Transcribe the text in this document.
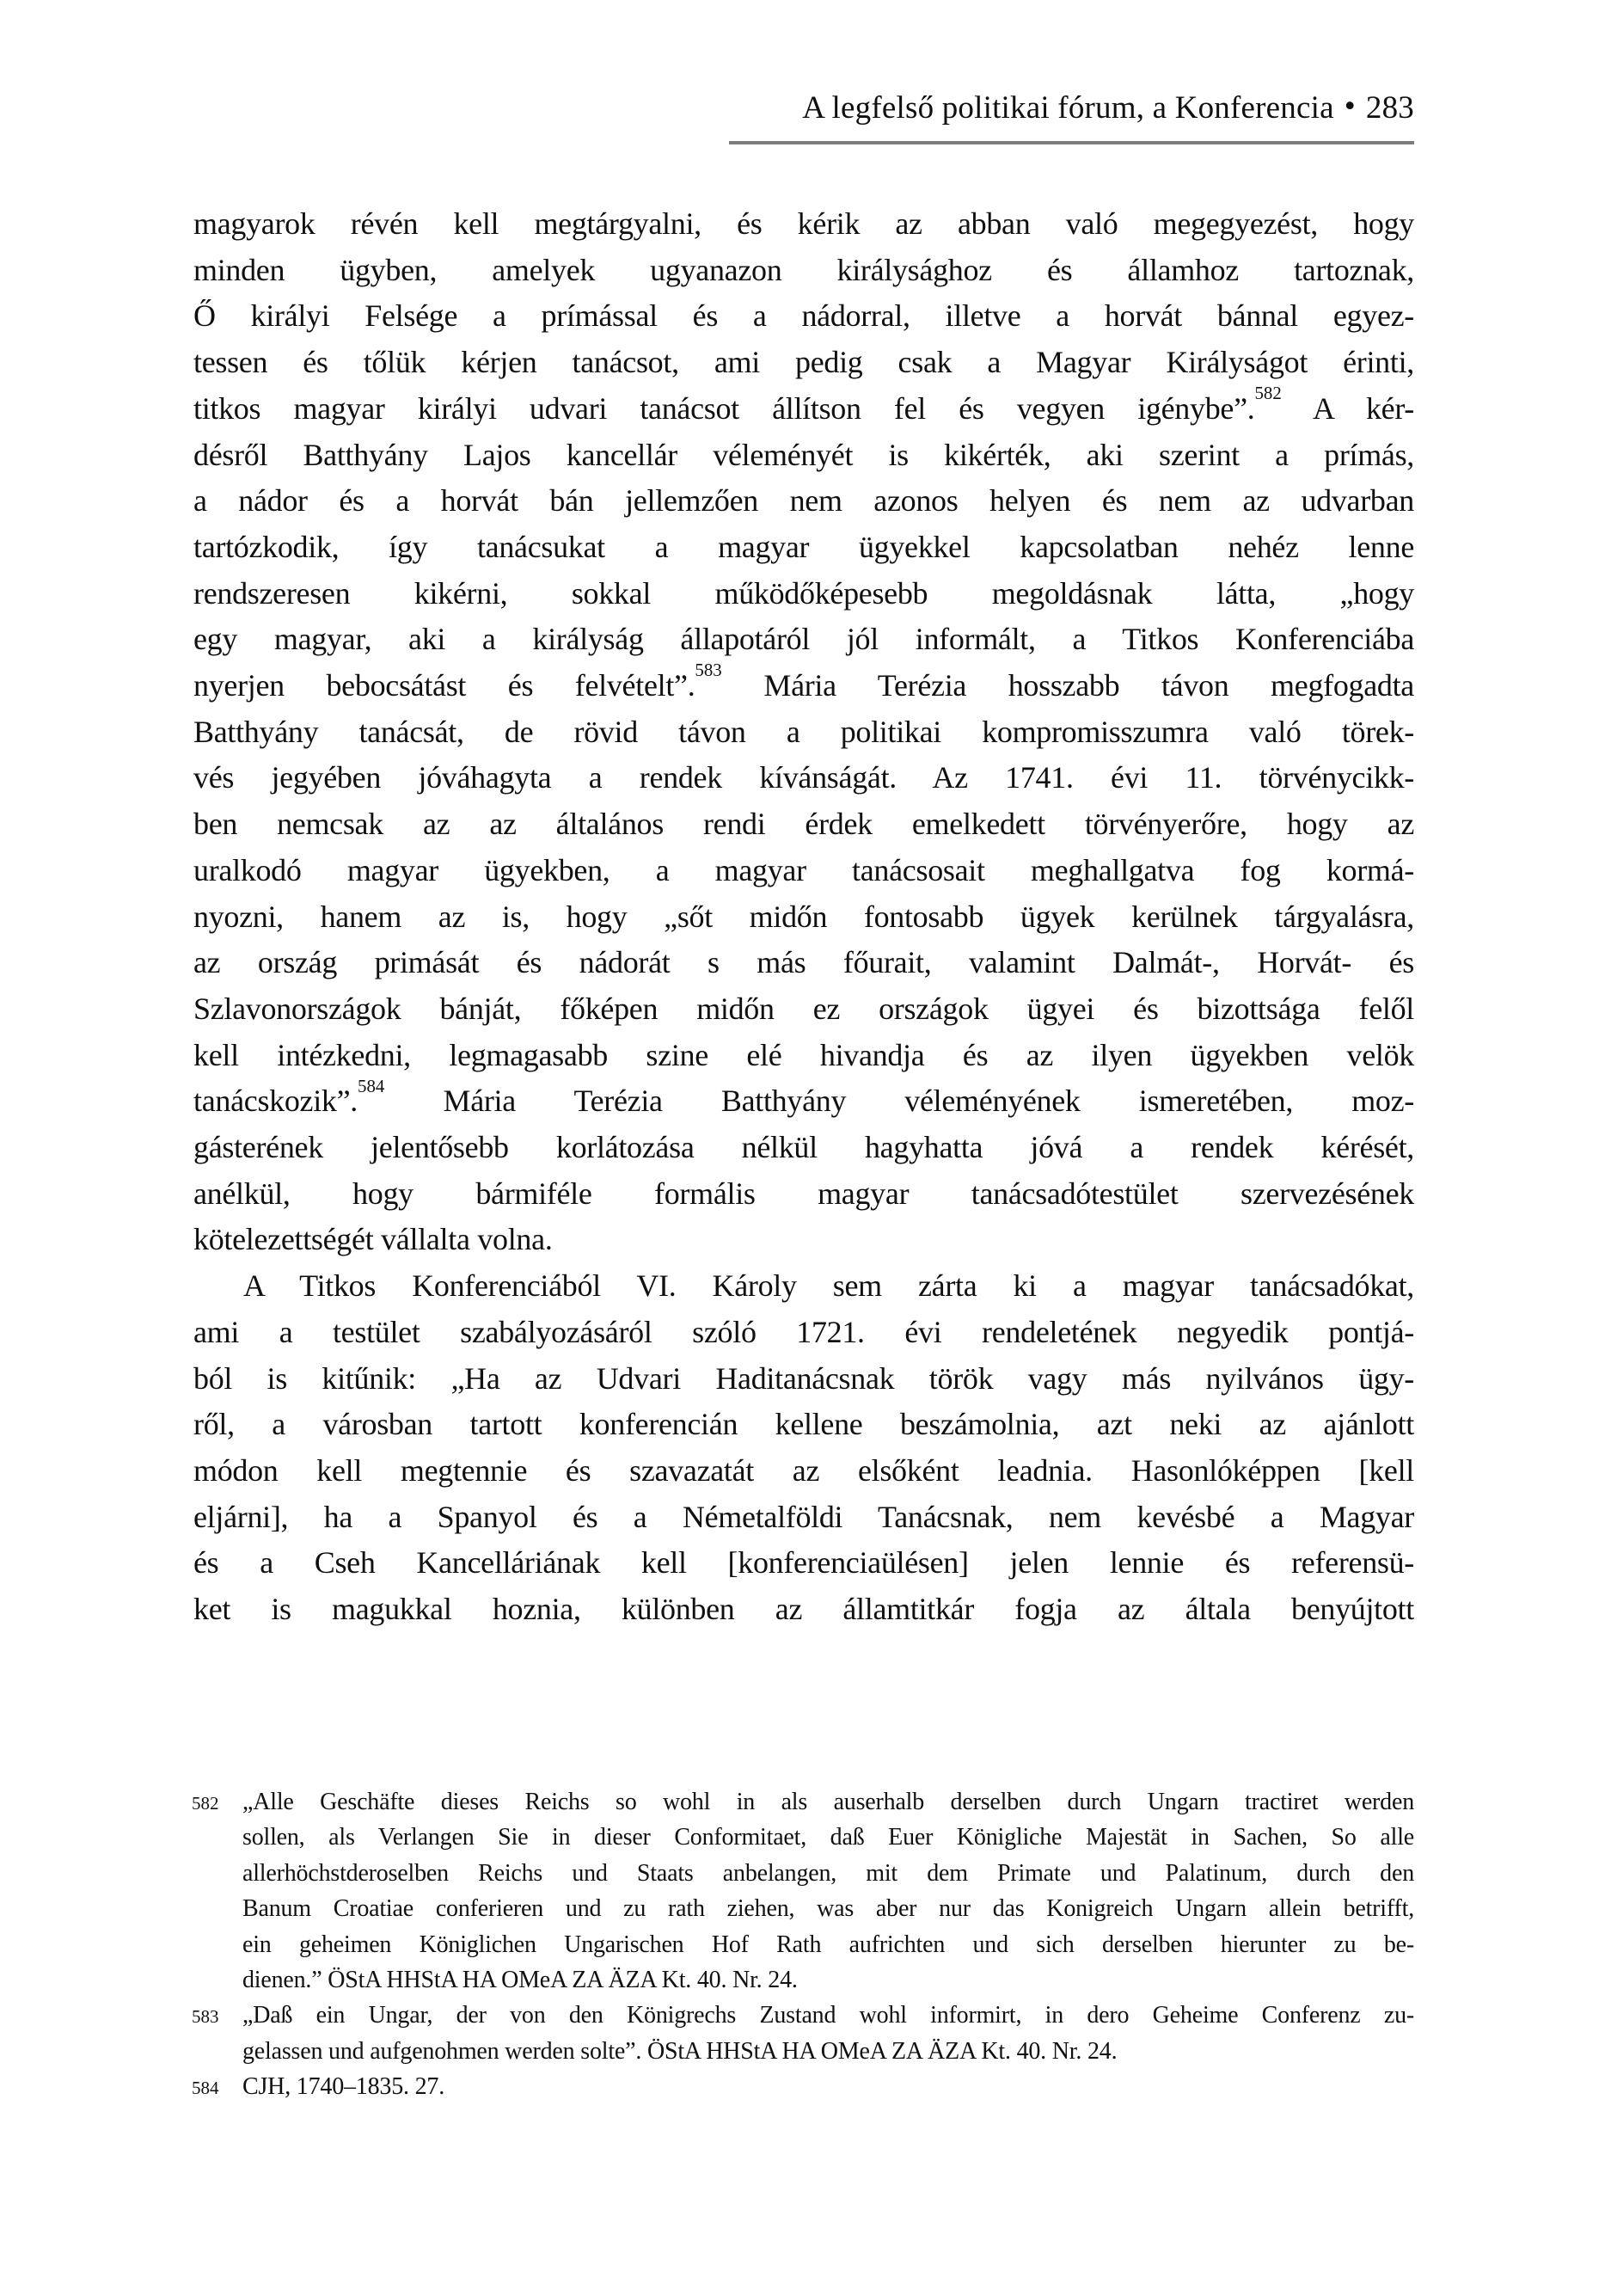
A legfelső politikai fórum, a Konferencia • 283
magyarok révén kell megtárgyalni, és kérik az abban való megegyezést, hogy
minden ügyben, amelyek ugyanazon királysághoz és államhoz tartoznak,
Ő királyi Felsége a prímással és a nádorral, illetve a horvát bánnal egyez-
tessen és tőlük kérjen tanácsot, ami pedig csak a Magyar Királyságot érinti,
titkos magyar királyi udvari tanácsot állítson fel és vegyen igénybe”.$^{582}$ A kér-
désről Batthyány Lajos kancellár véleményét is kikérték, aki szerint a prímás,
a nádor és a horvát bán jellemzően nem azonos helyen és nem az udvarban
tartózkodik, így tanácsukat a magyar ügyekkel kapcsolatban nehéz lenne
rendszeresen kikérni, sokkal működőképesebb megoldásnak látta, „hogy
egy magyar, aki a királyság állapotáról jól informált, a Titkos Konferenciába
nyerjen bebocsátást és felvételt”.$^{583}$ Mária Terézia hosszabb távon megfogadta
Batthyány tanácsát, de rövid távon a politikai kompromisszumra való törek-
vés jegyében jóváhagyta a rendek kívánságát. Az 1741. évi 11. törvénycikk-
ben nemcsak az az általános rendi érdek emelkedett törvényerőre, hogy az
uralkodó magyar ügyekben, a magyar tanácsosait meghallgatva fog kormá-
nyozni, hanem az is, hogy „sőt midőn fontosabb ügyek kerülnek tárgyalásra,
az ország primását és nádorát s más főurait, valamint Dalmát-, Horvát- és
Szlavonországok bánját, főképen midőn ez országok ügyei és bizottsága felől
kell intézkedni, legmagasabb szine elé hivandja és az ilyen ügyekben velök
tanácskozik”.$^{584}$ Mária Terézia Batthyány véleményének ismeretében, moz-
gásterének jelentősebb korlátozása nélkül hagyhatta jóvá a rendek kérését,
anélkül, hogy bármiféle formális magyar tanácsadótestület szervezésének
kötelezettségét vállalta volna.
A Titkos Konferenciából VI. Károly sem zárta ki a magyar tanácsadókat,
ami a testület szabályozásáról szóló 1721. évi rendeletének negyedik pontjá-
ból is kitűnik: „Ha az Udvari Haditanácsnak török vagy más nyilvános ügy-
ről, a városban tartott konferencián kellene beszámolnia, azt neki az ajánlott
módon kell megtennie és szavazatát az elsőként leadnia. Hasonlóképpen [kell
eljárni], ha a Spanyol és a Németalföldi Tanácsnak, nem kevésbé a Magyar
és a Cseh Kancelláriának kell [konferenciaülésen] jelen lennie és referensü-
ket is magukkal hoznia, különben az államtitkár fogja az általa benyújtott
582 „Alle Geschäfte dieses Reichs so wohl in als auserhalb derselben durch Ungarn tractiret werden
sollen, als Verlangen Sie in dieser Conformitaet, daß Euer Königliche Majestät in Sachen, So alle
allerhöchstderoselben Reichs und Staats anbelangen, mit dem Primate und Palatinum, durch den
Banum Croatiae conferieren und zu rath ziehen, was aber nur das Konigreich Ungarn allein betrifft,
ein geheimen Königlichen Ungarischen Hof Rath aufrichten und sich derselben hierunter zu be-
dienen.” ÖStA HHStA HA OMeA ZA ÄZA Kt. 40. Nr. 24.
583 „Daß ein Ungar, der von den Königrechs Zustand wohl informirt, in dero Geheime Conferenz zu-
gelassen und aufgenohmen werden solte”. ÖStA HHStA HA OMeA ZA ÄZA Kt. 40. Nr. 24.
584 CJH, 1740–1835. 27.
